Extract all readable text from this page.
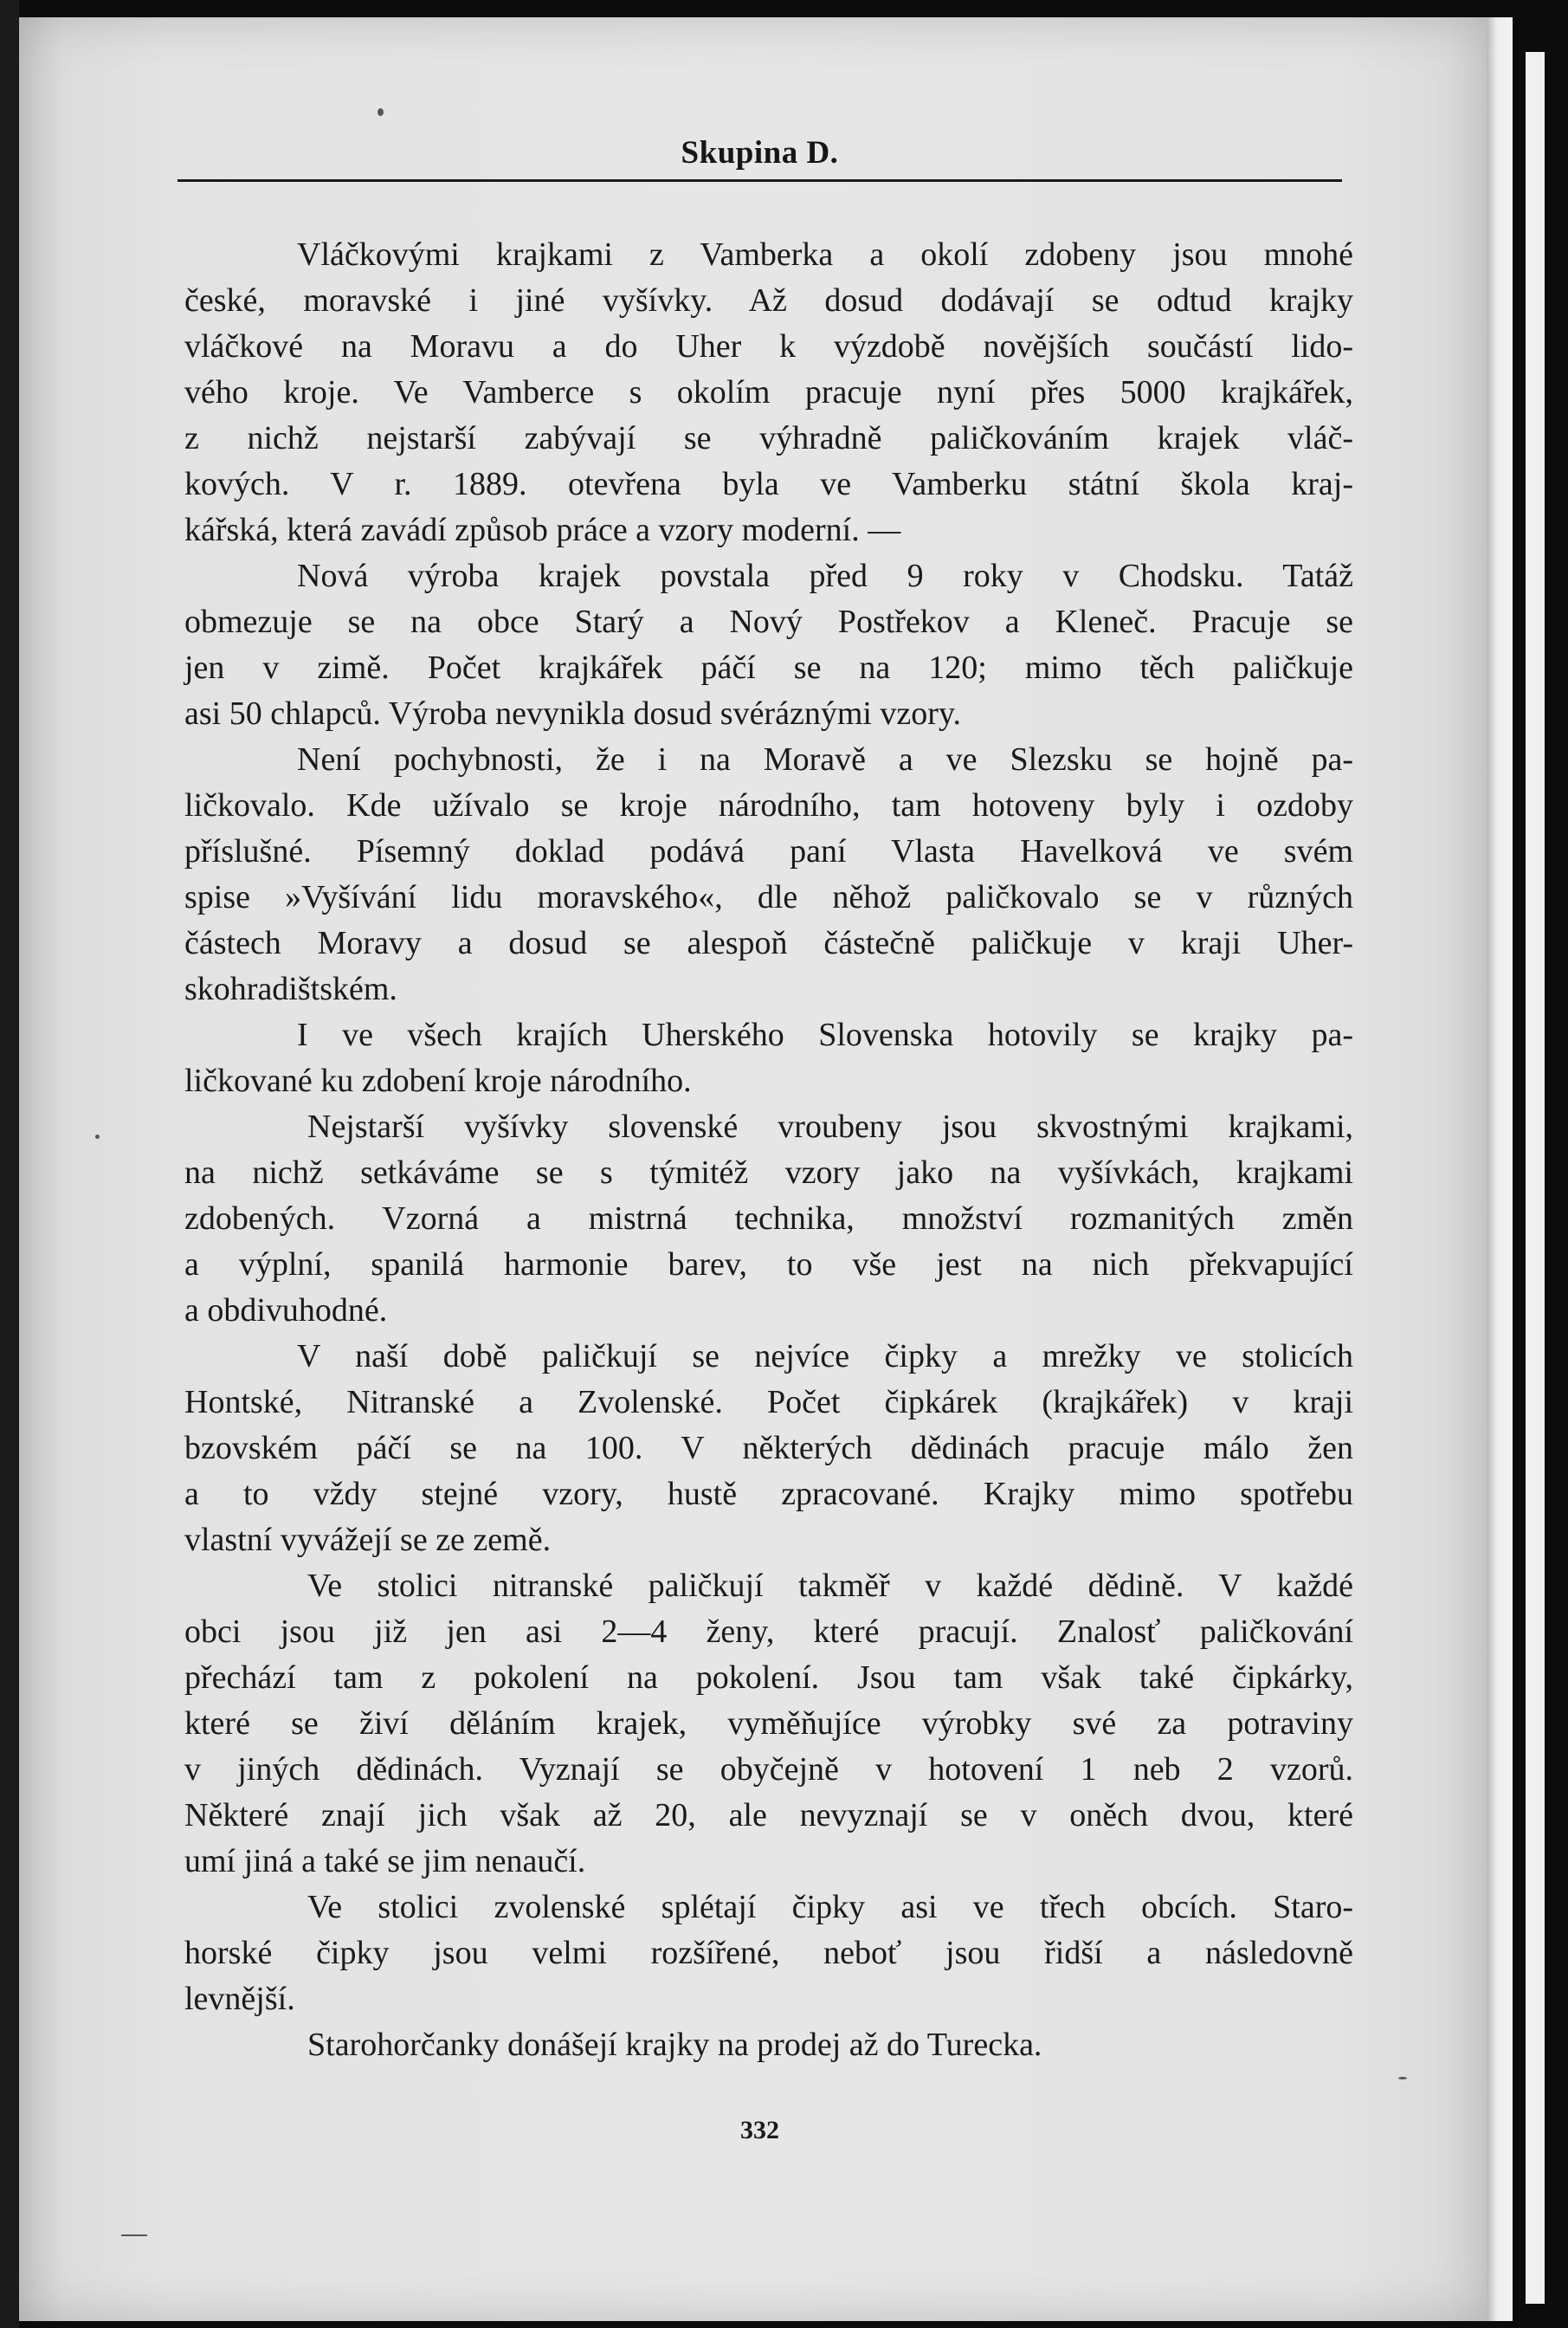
Skupina D.
Vláčkovými krajkami z Vamberka a okolí zdobeny jsou mnohé
české, moravské i jiné vyšívky. Až dosud dodávají se odtud krajky
vláčkové na Moravu a do Uher k výzdobě novějších součástí lido-
vého kroje. Ve Vamberce s okolím pracuje nyní přes 5000 krajkářek,
z nichž nejstarší zabývají se výhradně paličkováním krajek vláč-
kových. V r. 1889. otevřena byla ve Vamberku státní škola kraj-
kářská, která zavádí způsob práce a vzory moderní. —
Nová výroba krajek povstala před 9 roky v Chodsku. Tatáž
obmezuje se na obce Starý a Nový Postřekov a Kleneč. Pracuje se
jen v zimě. Počet krajkářek páčí se na 120; mimo těch paličkuje
asi 50 chlapců. Výroba nevynikla dosud svéráznými vzory.
Není pochybnosti, že i na Moravě a ve Slezsku se hojně pa-
ličkovalo. Kde užívalo se kroje národního, tam hotoveny byly i ozdoby
příslušné. Písemný doklad podává paní Vlasta Havelková ve svém
spise »Vyšívání lidu moravského«, dle něhož paličkovalo se v různých
částech Moravy a dosud se alespoň částečně paličkuje v kraji Uher-
skohradištském.
I ve všech krajích Uherského Slovenska hotovily se krajky pa-
ličkované ku zdobení kroje národního.
Nejstarší vyšívky slovenské vroubeny jsou skvostnými krajkami,
na nichž setkáváme se s týmitéž vzory jako na vyšívkách, krajkami
zdobených. Vzorná a mistrná technika, množství rozmanitých změn
a výplní, spanilá harmonie barev, to vše jest na nich překvapující
a obdivuhodné.
V naší době paličkují se nejvíce čipky a mrežky ve stolicích
Hontské, Nitranské a Zvolenské. Počet čipkárek (krajkářek) v kraji
bzovském páčí se na 100. V některých dědinách pracuje málo žen
a to vždy stejné vzory, hustě zpracované. Krajky mimo spotřebu
vlastní vyvážejí se ze země.
Ve stolici nitranské paličkují takměř v každé dědině. V každé
obci jsou již jen asi 2—4 ženy, které pracují. Znalosť paličkování
přechází tam z pokolení na pokolení. Jsou tam však také čipkárky,
které se živí děláním krajek, vyměňujíce výrobky své za potraviny
v jiných dědinách. Vyznají se obyčejně v hotovení 1 neb 2 vzorů.
Některé znají jich však až 20, ale nevyznají se v oněch dvou, které
umí jiná a také se jim nenaučí.
Ve stolici zvolenské splétají čipky asi ve třech obcích. Staro-
horské čipky jsou velmi rozšířené, neboť jsou řidší a následovně
levnější.
Starohorčanky donášejí krajky na prodej až do Turecka.
332
